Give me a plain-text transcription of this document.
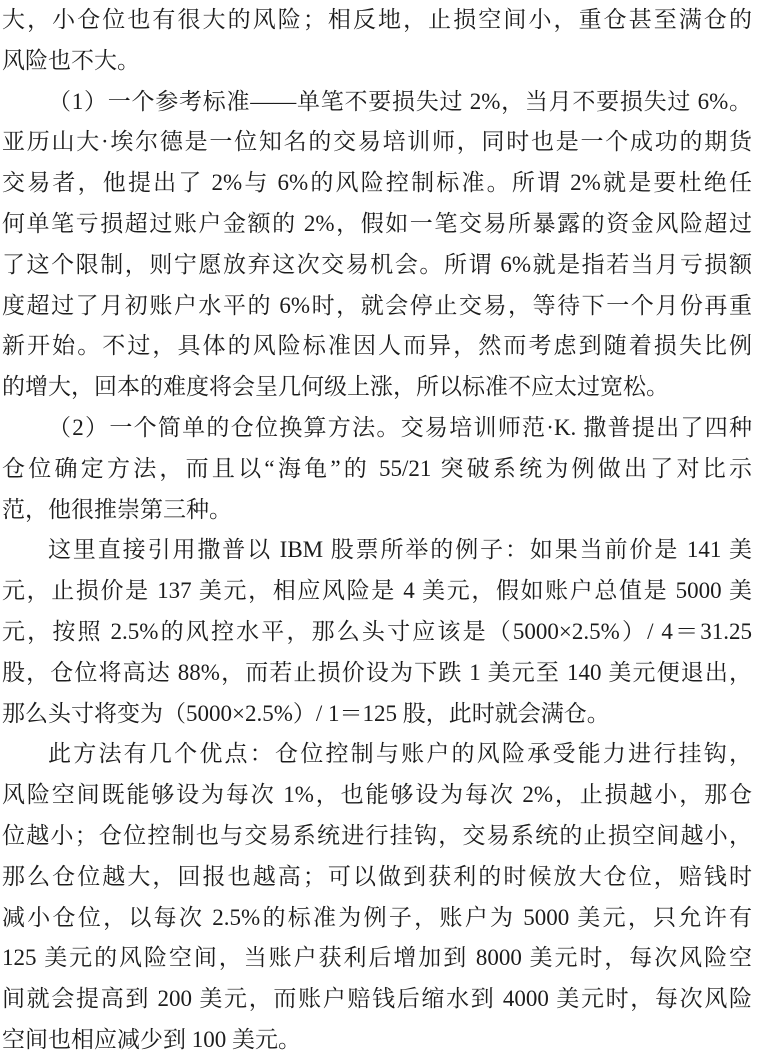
大，小仓位也有很大的风险；相反地，止损空间小，重仓甚至满仓的
风险也不大。
（1）一个参考标准——单笔不要损失过 2%，当月不要损失过 6%。
亚历山大·埃尔德是一位知名的交易培训师，同时也是一个成功的期货
交易者，他提出了 2%与 6%的风险控制标准。所谓 2%就是要杜绝任
何单笔亏损超过账户金额的 2%，假如一笔交易所暴露的资金风险超过
了这个限制，则宁愿放弃这次交易机会。所谓 6%就是指若当月亏损额
度超过了月初账户水平的 6%时，就会停止交易，等待下一个月份再重
新开始。不过，具体的风险标准因人而异，然而考虑到随着损失比例
的增大，回本的难度将会呈几何级上涨，所以标准不应太过宽松。
（2）一个简单的仓位换算方法。交易培训师范·K. 撒普提出了四种
仓位确定方法，而且以“海龟”的 55/21 突破系统为例做出了对比示
范，他很推崇第三种。
这里直接引用撒普以 IBM 股票所举的例子：如果当前价是 141 美
元，止损价是 137 美元，相应风险是 4 美元，假如账户总值是 5000 美
元，按照 2.5%的风控水平，那么头寸应该是（5000×2.5%）/ 4＝31.25
股，仓位将高达 88%，而若止损价设为下跌 1 美元至 140 美元便退出，
那么头寸将变为（5000×2.5%）/ 1＝125 股，此时就会满仓。
此方法有几个优点：仓位控制与账户的风险承受能力进行挂钩，
风险空间既能够设为每次 1%，也能够设为每次 2%，止损越小，那仓
位越小；仓位控制也与交易系统进行挂钩，交易系统的止损空间越小，
那么仓位越大，回报也越高；可以做到获利的时候放大仓位，赔钱时
减小仓位，以每次 2.5%的标准为例子，账户为 5000 美元，只允许有
125 美元的风险空间，当账户获利后增加到 8000 美元时，每次风险空
间就会提高到 200 美元，而账户赔钱后缩水到 4000 美元时，每次风险
空间也相应减少到 100 美元。
